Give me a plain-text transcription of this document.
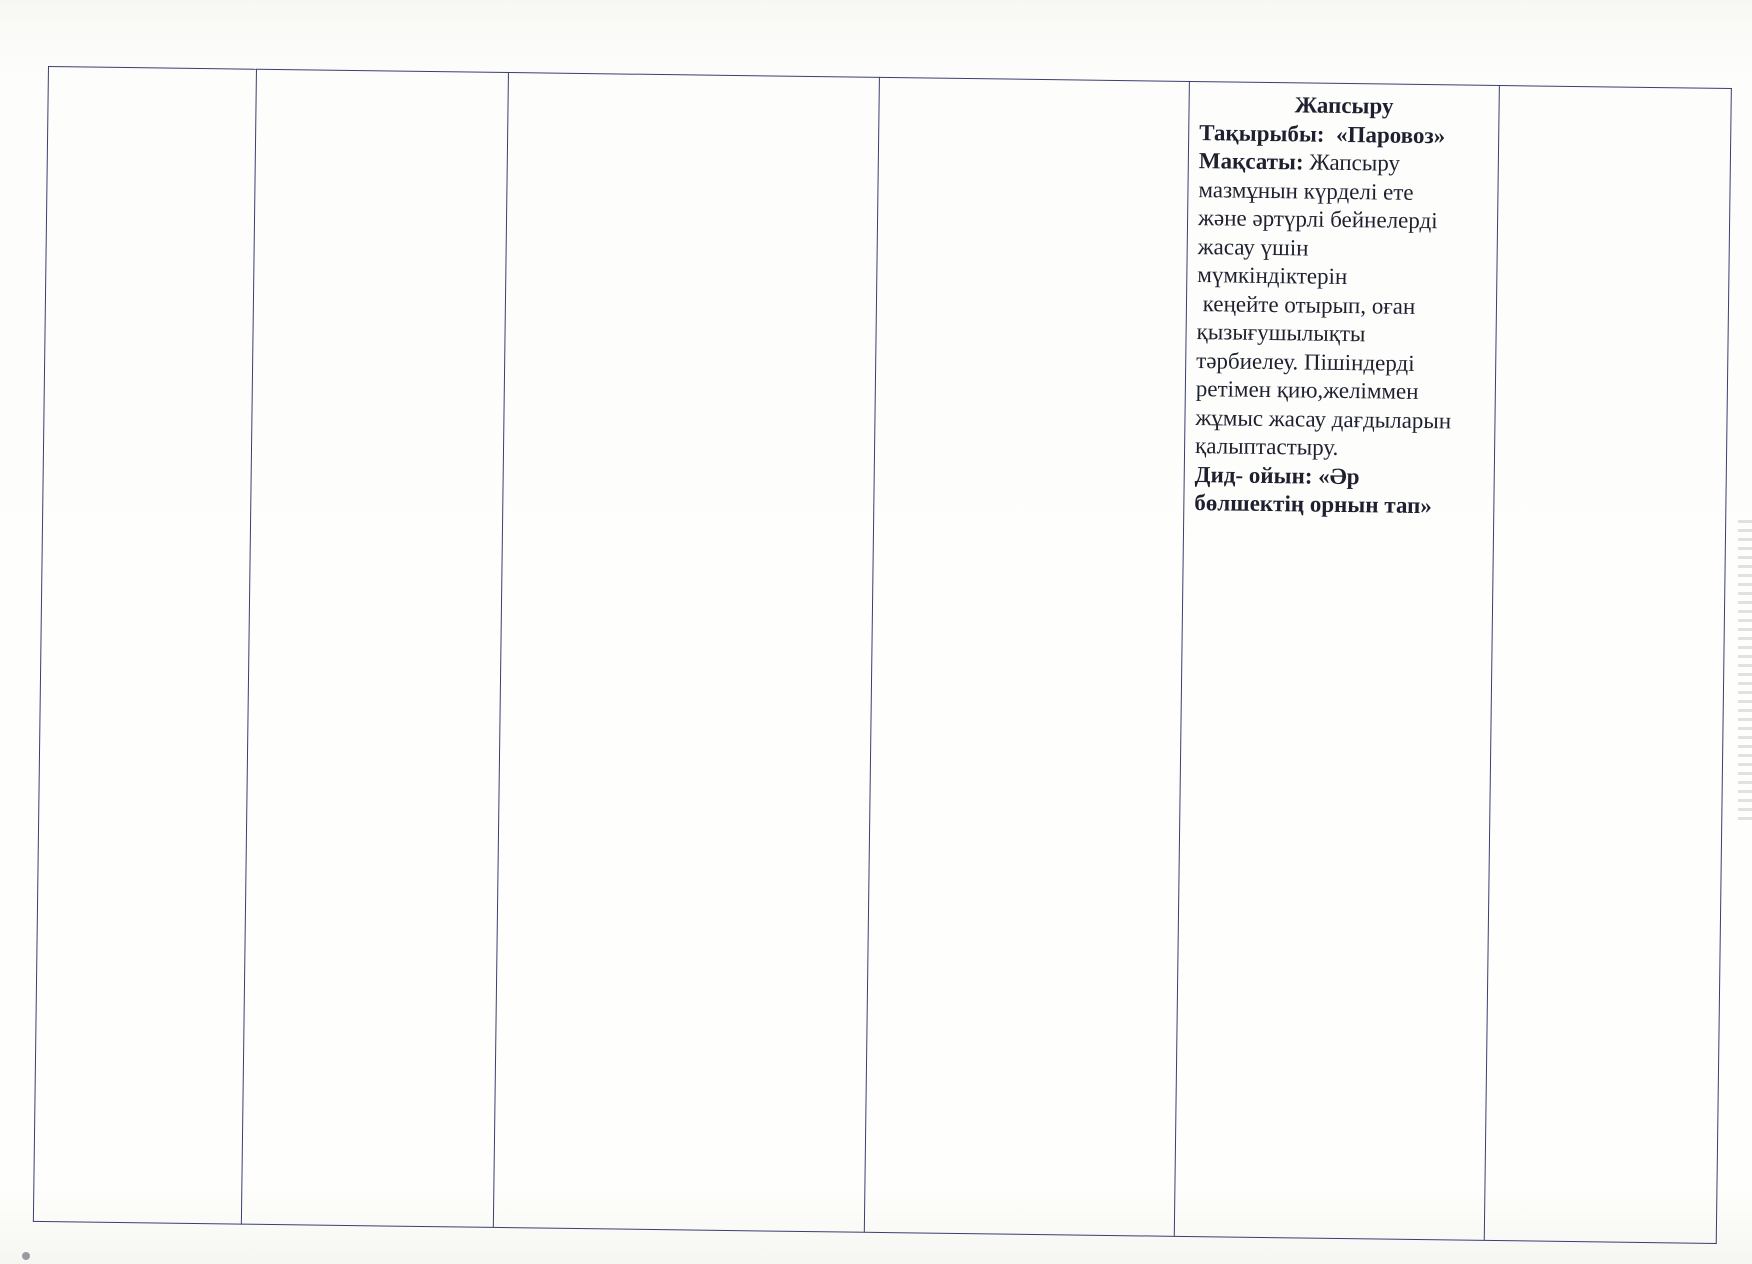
Жапсыру
Тақырыбы: «Паровоз»
Мақсаты: Жапсыру
мазмұнын күрделі ете
және әртүрлі бейнелерді
жасау үшін
мүмкіндіктерін
кеңейте отырып, оған
қызығушылықты
тәрбиелеу. Пішіндерді
ретімен қию,желіммен
жұмыс жасау дағдыларын
қалыптастыру.
Дид- ойын: «Әр
бөлшектің орнын тап»
